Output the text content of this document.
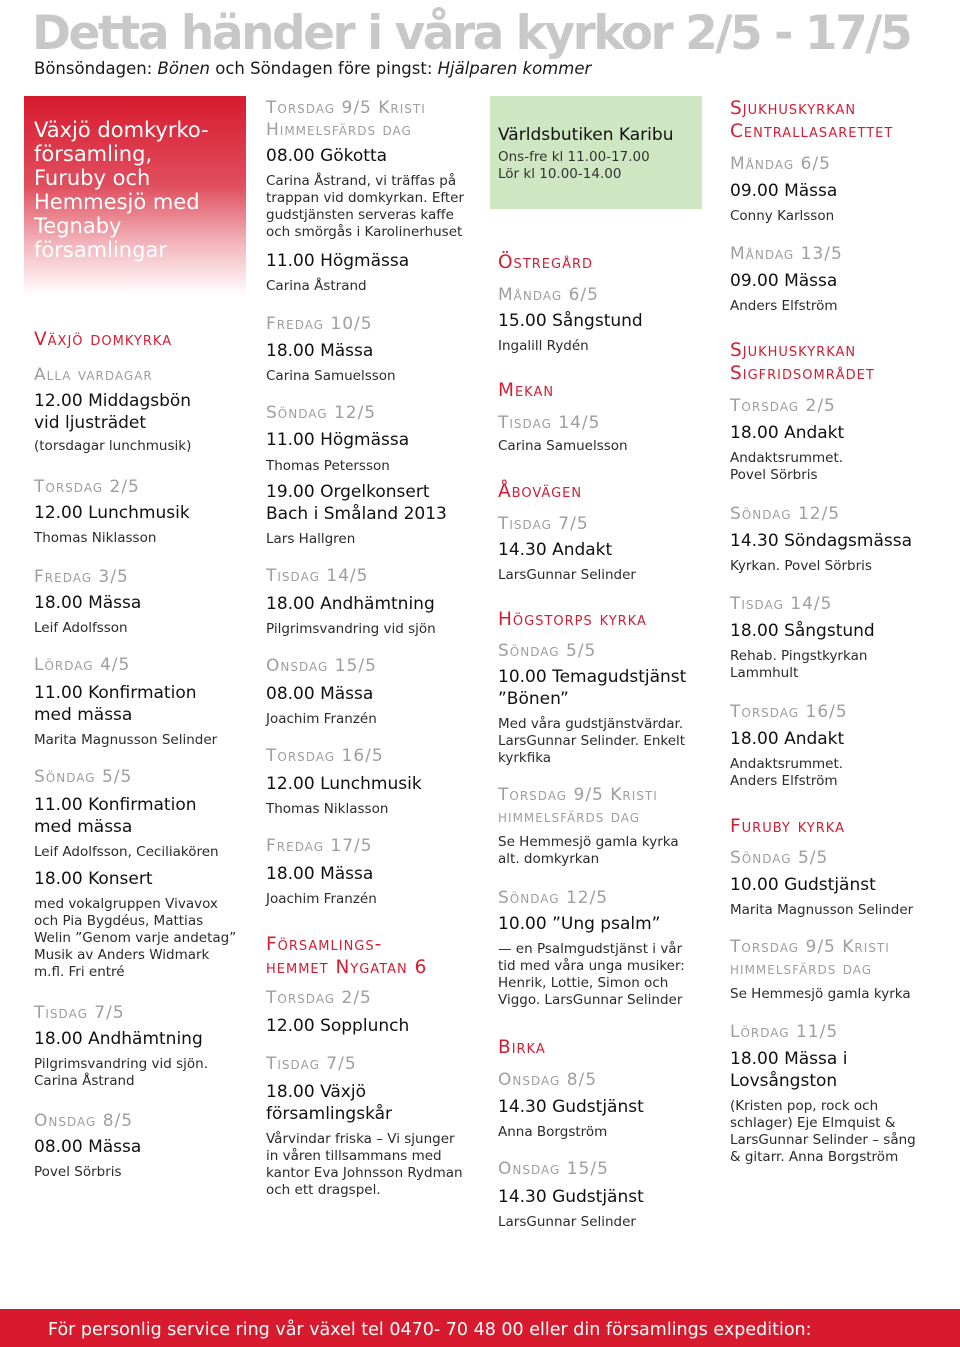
Detta händer i våra kyrkor 2/5 - 17/5
Bönsöndagen: Bönen och Söndagen före pingst: Hjälparen kommer
Växjö domkyrko-
församling,
Furuby och
Hemmesjö med
Tegnaby
församlingar
Världsbutiken Karibu
Ons-fre kl 11.00-17.00
Lör kl 10.00-14.00
Växjö domkyrka
Alla vardagar
12.00 Middagsbön
vid ljusträdet
(torsdagar lunchmusik)
Torsdag 2/5
12.00 Lunchmusik
Thomas Niklasson
Fredag 3/5
18.00 Mässa
Leif Adolfsson
Lördag 4/5
11.00 Konfirmation
med mässa
Marita Magnusson Selinder
Söndag 5/5
11.00 Konfirmation
med mässa
Leif Adolfsson, Ceciliakören
18.00 Konsert
med vokalgruppen Vivavox
och Pia Bygdéus, Mattias
Welin ”Genom varje andetag”
Musik av Anders Widmark
m.fl. Fri entré
Tisdag 7/5
18.00 Andhämtning
Pilgrimsvandring vid sjön.
Carina Åstrand
Onsdag 8/5
08.00 Mässa
Povel Sörbris
Torsdag 9/5 Kristi
Himmelsfärds dag
08.00 Gökotta
Carina Åstrand, vi träffas på
trappan vid domkyrkan. Efter
gudstjänsten serveras kaffe
och smörgås i Karolinerhuset
11.00 Högmässa
Carina Åstrand
Fredag 10/5
18.00 Mässa
Carina Samuelsson
Söndag 12/5
11.00 Högmässa
Thomas Petersson
19.00 Orgelkonsert
Bach i Småland 2013
Lars Hallgren
Tisdag 14/5
18.00 Andhämtning
Pilgrimsvandring vid sjön
Onsdag 15/5
08.00 Mässa
Joachim Franzén
Torsdag 16/5
12.00 Lunchmusik
Thomas Niklasson
Fredag 17/5
18.00 Mässa
Joachim Franzén
Församlings-
hemmet Nygatan 6
Torsdag 2/5
12.00 Sopplunch
Tisdag 7/5
18.00 Växjö
församlingskår
Vårvindar friska – Vi sjunger
in våren tillsammans med
kantor Eva Johnsson Rydman
och ett dragspel.
Östregård
Måndag 6/5
15.00 Sångstund
Ingalill Rydén
Mekan
Tisdag 14/5
Carina Samuelsson
Åbovägen
Tisdag 7/5
14.30 Andakt
LarsGunnar Selinder
Högstorps kyrka
Söndag 5/5
10.00 Temagudstjänst
”Bönen”
Med våra gudstjänstvärdar.
LarsGunnar Selinder. Enkelt
kyrkfika
Torsdag 9/5 Kristi
himmelsfärds dag
Se Hemmesjö gamla kyrka
alt. domkyrkan
Söndag 12/5
10.00 ”Ung psalm”
— en Psalmgudstjänst i vår
tid med våra unga musiker:
Henrik, Lottie, Simon och
Viggo. LarsGunnar Selinder
Birka
Onsdag 8/5
14.30 Gudstjänst
Anna Borgström
Onsdag 15/5
14.30 Gudstjänst
LarsGunnar Selinder
Sjukhuskyrkan
Centrallasarettet
Måndag 6/5
09.00 Mässa
Conny Karlsson
Måndag 13/5
09.00 Mässa
Anders Elfström
Sjukhuskyrkan
Sigfridsområdet
Torsdag 2/5
18.00 Andakt
Andaktsrummet.
Povel Sörbris
Söndag 12/5
14.30 Söndagsmässa
Kyrkan. Povel Sörbris
Tisdag 14/5
18.00 Sångstund
Rehab. Pingstkyrkan
Lammhult
Torsdag 16/5
18.00 Andakt
Andaktsrummet.
Anders Elfström
Furuby kyrka
Söndag 5/5
10.00 Gudstjänst
Marita Magnusson Selinder
Torsdag 9/5 Kristi
himmelsfärds dag
Se Hemmesjö gamla kyrka
Lördag 11/5
18.00 Mässa i
Lovsångston
(Kristen pop, rock och
schlager) Eje Elmquist &
LarsGunnar Selinder – sång
& gitarr. Anna Borgström
För personlig service ring vår växel tel 0470- 70 48 00 eller din församlings expedition:
